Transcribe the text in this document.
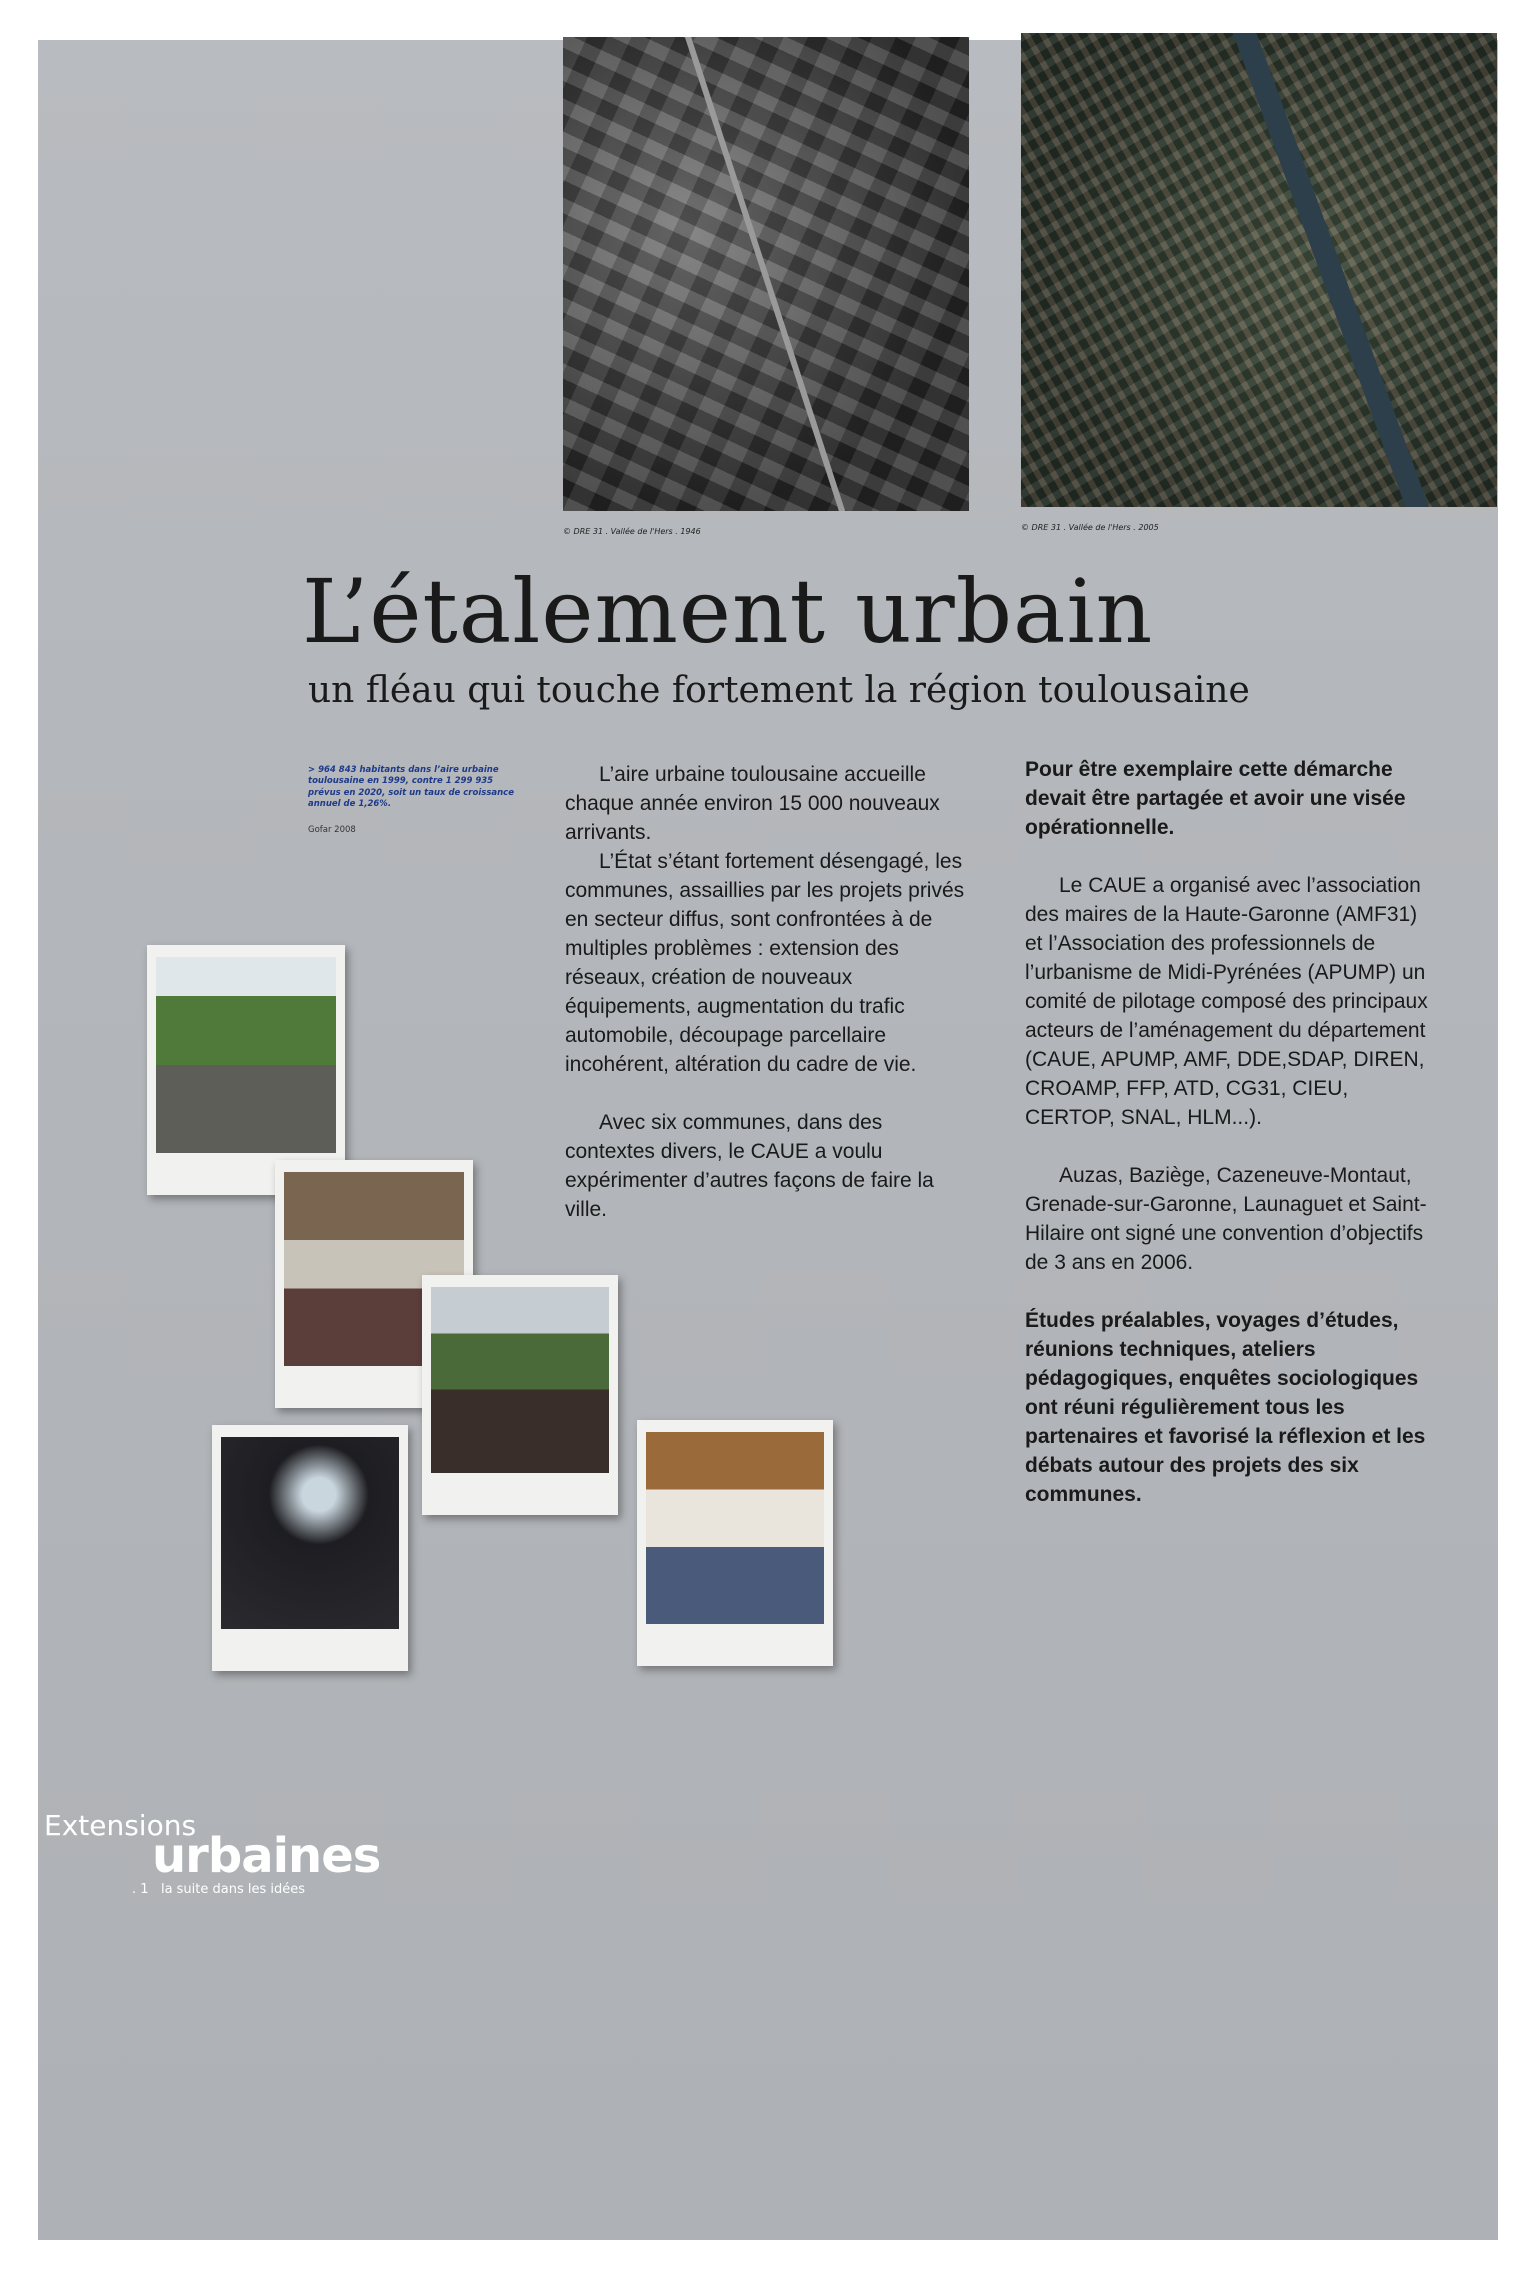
© DRE 31 . Vallée de l'Hers . 1946	© DRE 31 . Vallée de l'Hers . 2005
L’étalement urbain
un fléau qui touche fortement la région toulousaine
> 964 843 habitants dans l’aire urbaine toulousaine en 1999, contre 1 299 935 prévus en 2020, soit un taux de croissance annuel de 1,26%.
Gofar 2008

L’aire urbaine toulousaine accueille chaque année environ 15 000 nouveaux arrivants.

L’État s’étant fortement désengagé, les communes, assaillies par les projets privés en secteur diffus, sont confrontées à de multiples problèmes : extension des réseaux, création de nouveaux équipements, augmentation du trafic automobile, découpage parcellaire incohérent, altération du cadre de vie.

Avec six communes, dans des contextes divers, le CAUE a voulu expérimenter d’autres façons de faire la ville.

Pour être exemplaire cette démarche devait être partagée et avoir une visée opérationnelle.

Le CAUE a organisé avec l’association des maires de la Haute-Garonne (AMF31) et l’Association des professionnels de l’urbanisme de Midi-Pyrénées (APUMP) un comité de pilotage composé des principaux acteurs de l’aménagement du département (CAUE, APUMP, AMF, DDE,SDAP, DIREN, CROAMP, FFP, ATD, CG31, CIEU, CERTOP, SNAL, HLM...).

Auzas, Baziège, Cazeneuve-Montaut, Grenade-sur-Garonne, Launaguet et Saint-Hilaire ont signé une convention d’objectifs de 3 ans en 2006.

Études préalables, voyages d’études, réunions techniques, ateliers pédagogiques, enquêtes sociologiques ont réuni régulièrement tous les partenaires et favorisé la réflexion et les débats autour des projets des six communes.

Extensions
urbaines
. 1 la suite dans les idées
